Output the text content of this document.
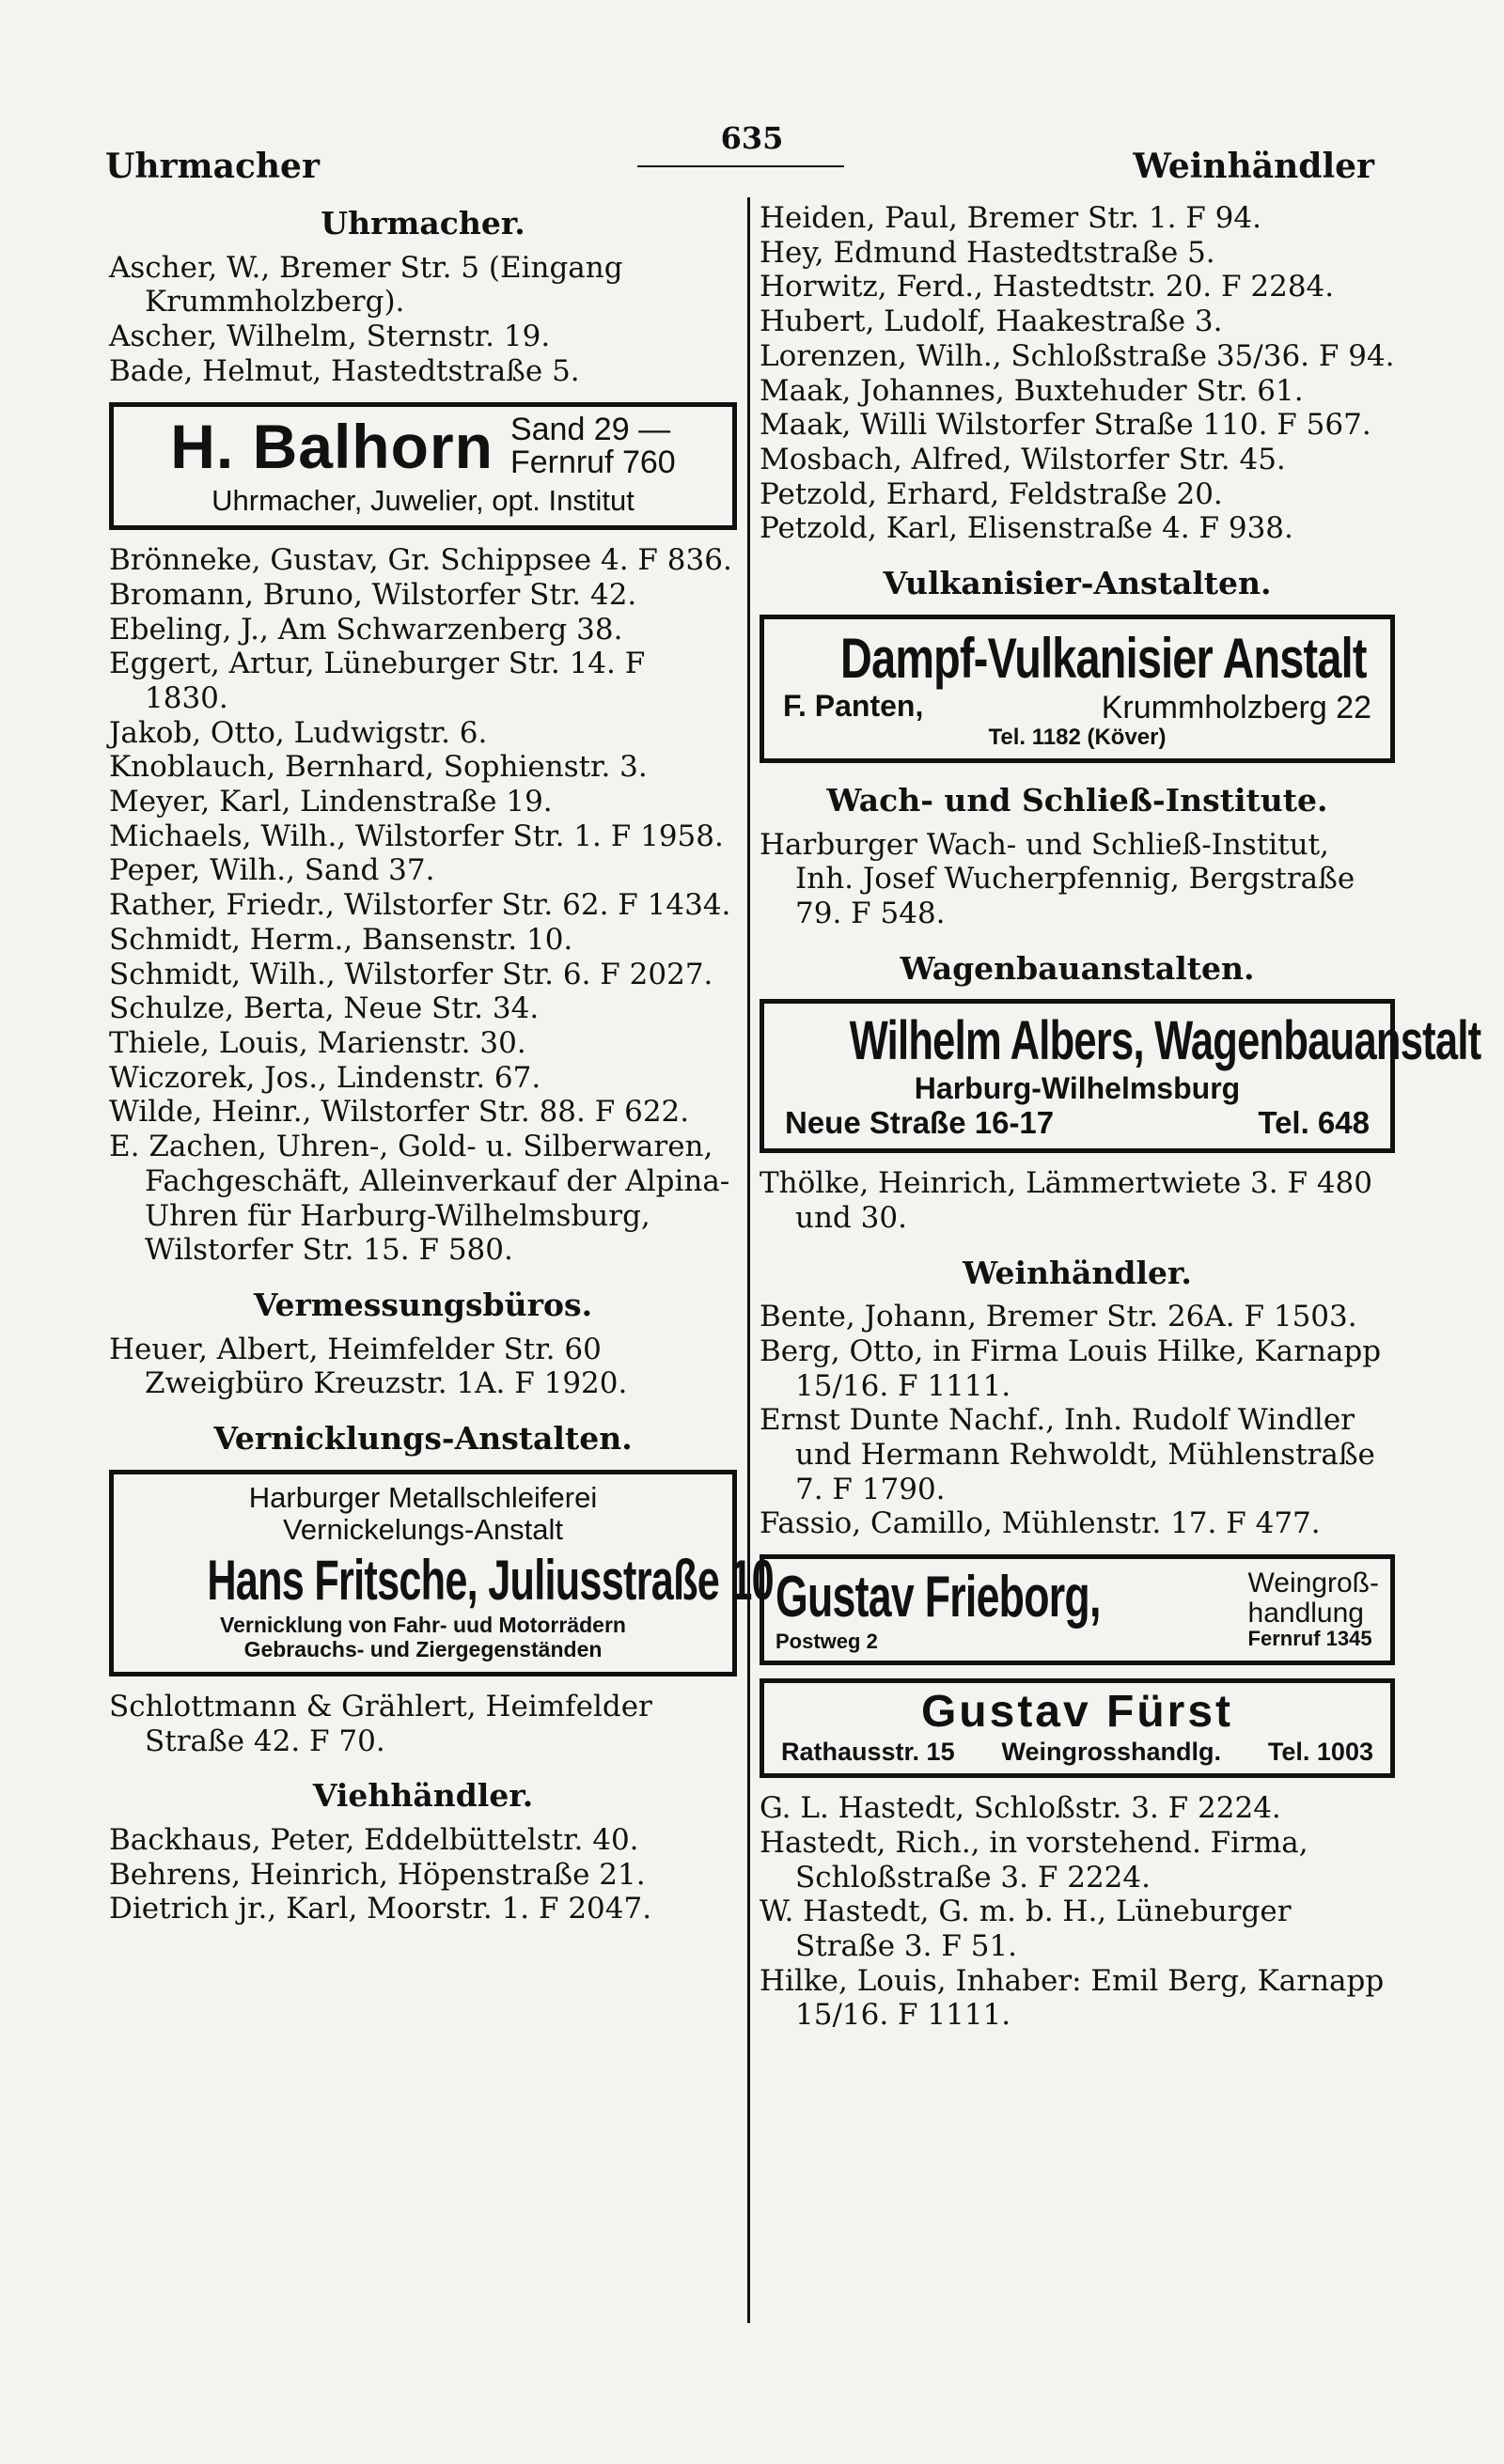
635
Uhrmacher	Weinhändler
Uhrmacher.
Ascher, W., Bremer Str. 5 (Eingang Krummholzberg).
Ascher, Wilhelm, Sternstr. 19.
Bade, Helmut, Hastedtstraße 5.
H. Balhorn Sand 29 —
Fernruf 760
Uhrmacher, Juwelier, opt. Institut
Brönneke, Gustav, Gr. Schippsee 4. F 836.
Bromann, Bruno, Wilstorfer Str. 42.
Ebeling, J., Am Schwarzenberg 38.
Eggert, Artur, Lüneburger Str. 14. F 1830.
Jakob, Otto, Ludwigstr. 6.
Knoblauch, Bernhard, Sophienstr. 3.
Meyer, Karl, Lindenstraße 19.
Michaels, Wilh., Wilstorfer Str. 1. F 1958.
Peper, Wilh., Sand 37.
Rather, Friedr., Wilstorfer Str. 62. F 1434.
Schmidt, Herm., Bansenstr. 10.
Schmidt, Wilh., Wilstorfer Str. 6. F 2027.
Schulze, Berta, Neue Str. 34.
Thiele, Louis, Marienstr. 30.
Wiczorek, Jos., Lindenstr. 67.
Wilde, Heinr., Wilstorfer Str. 88. F 622.
E. Zachen, Uhren-, Gold- u. Silberwaren, Fachgeschäft, Alleinverkauf der Alpina-Uhren für Harburg-Wilhelmsburg, Wilstorfer Str. 15. F 580.
Vermessungsbüros.
Heuer, Albert, Heimfelder Str. 60 Zweigbüro Kreuzstr. 1A. F 1920.
Vernicklungs-Anstalten.
Harburger Metallschleiferei
Vernickelungs-Anstalt
Hans Fritsche, Juliusstraße 10
Vernicklung von Fahr- uud Motorrädern
Gebrauchs- und Ziergegenständen
Schlottmann & Grählert, Heimfelder Straße 42. F 70.
Viehhändler.
Backhaus, Peter, Eddelbüttelstr. 40.
Behrens, Heinrich, Höpenstraße 21.
Dietrich jr., Karl, Moorstr. 1. F 2047.
Heiden, Paul, Bremer Str. 1. F 94.
Hey, Edmund Hastedtstraße 5.
Horwitz, Ferd., Hastedtstr. 20. F 2284.
Hubert, Ludolf, Haakestraße 3.
Lorenzen, Wilh., Schloßstraße 35/36. F 94.
Maak, Johannes, Buxtehuder Str. 61.
Maak, Willi Wilstorfer Straße 110. F 567.
Mosbach, Alfred, Wilstorfer Str. 45.
Petzold, Erhard, Feldstraße 20.
Petzold, Karl, Elisenstraße 4. F 938.
Vulkanisier-Anstalten.
Dampf-Vulkanisier Anstalt
F. Panten,	Krummholzberg 22
Tel. 1182 (Köver)
Wach- und Schließ-Institute.
Harburger Wach- und Schließ-Institut, Inh. Josef Wucherpfennig, Bergstraße 79. F 548.
Wagenbauanstalten.
Wilhelm Albers, Wagenbauanstalt
Harburg-Wilhelmsburg
Neue Straße 16-17	Tel. 648
Thölke, Heinrich, Lämmertwiete 3. F 480 und 30.
Weinhändler.
Bente, Johann, Bremer Str. 26A. F 1503.
Berg, Otto, in Firma Louis Hilke, Karnapp 15/16. F 1111.
Ernst Dunte Nachf., Inh. Rudolf Windler und Hermann Rehwoldt, Mühlenstraße 7. F 1790.
Fassio, Camillo, Mühlenstr. 17. F 477.
Gustav Frieborg,
Postweg 2
Weingroß-
handlung
Fernruf 1345
Gustav Fürst
Rathausstr. 15 Weingrosshandlg. Tel. 1003
G. L. Hastedt, Schloßstr. 3. F 2224.
Hastedt, Rich., in vorstehend. Firma, Schloßstraße 3. F 2224.
W. Hastedt, G. m. b. H., Lüneburger Straße 3. F 51.
Hilke, Louis, Inhaber: Emil Berg, Karnapp 15/16. F 1111.
